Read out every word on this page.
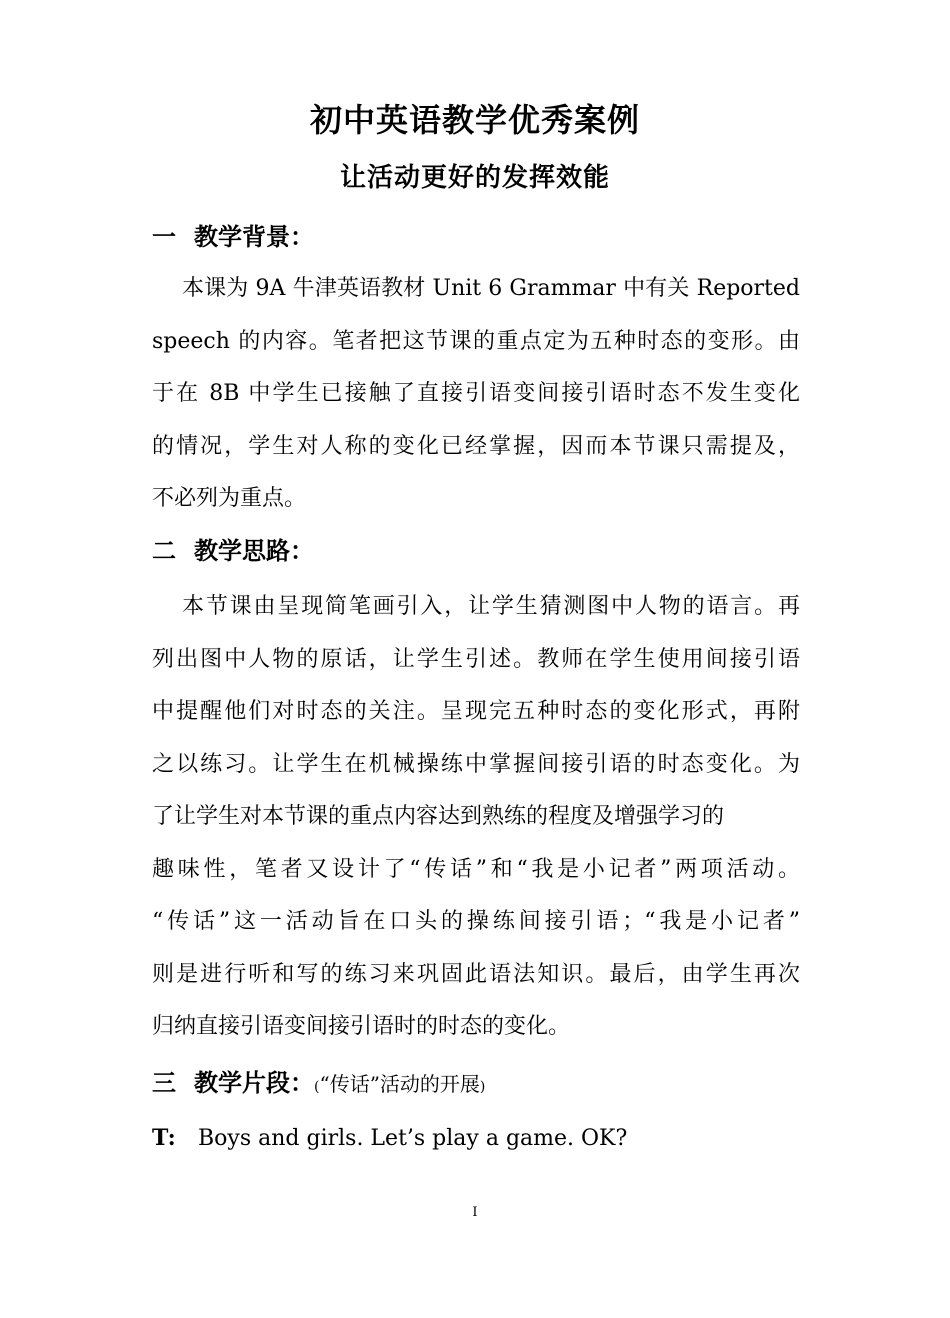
初中英语教学优秀案例
让活动更好的发挥效能
一 教学背景：
本课为 9A 牛津英语教材 Unit 6 Grammar 中有关 Reported
speech 的内容。笔者把这节课的重点定为五种时态的变形。由
于在 8B 中学生已接触了直接引语变间接引语时态不发生变化
的情况，学生对人称的变化已经掌握，因而本节课只需提及，
不必列为重点。
二 教学思路：
本节课由呈现简笔画引入，让学生猜测图中人物的语言。再
列出图中人物的原话，让学生引述。教师在学生使用间接引语
中提醒他们对时态的关注。呈现完五种时态的变化形式，再附
之以练习。让学生在机械操练中掌握间接引语的时态变化。为
了让学生对本节课的重点内容达到熟练的程度及增强学习的
趣味性，笔者又设计了“传话”和“我是小记者”两项活动。
“传话”这一活动旨在口头的操练间接引语；“我是小记者”
则是进行听和写的练习来巩固此语法知识。最后，由学生再次
归纳直接引语变间接引语时的时态的变化。
三 教学片段：(“传话”活动的开展)
T: Boys and girls. Let’s play a game. OK?
I
